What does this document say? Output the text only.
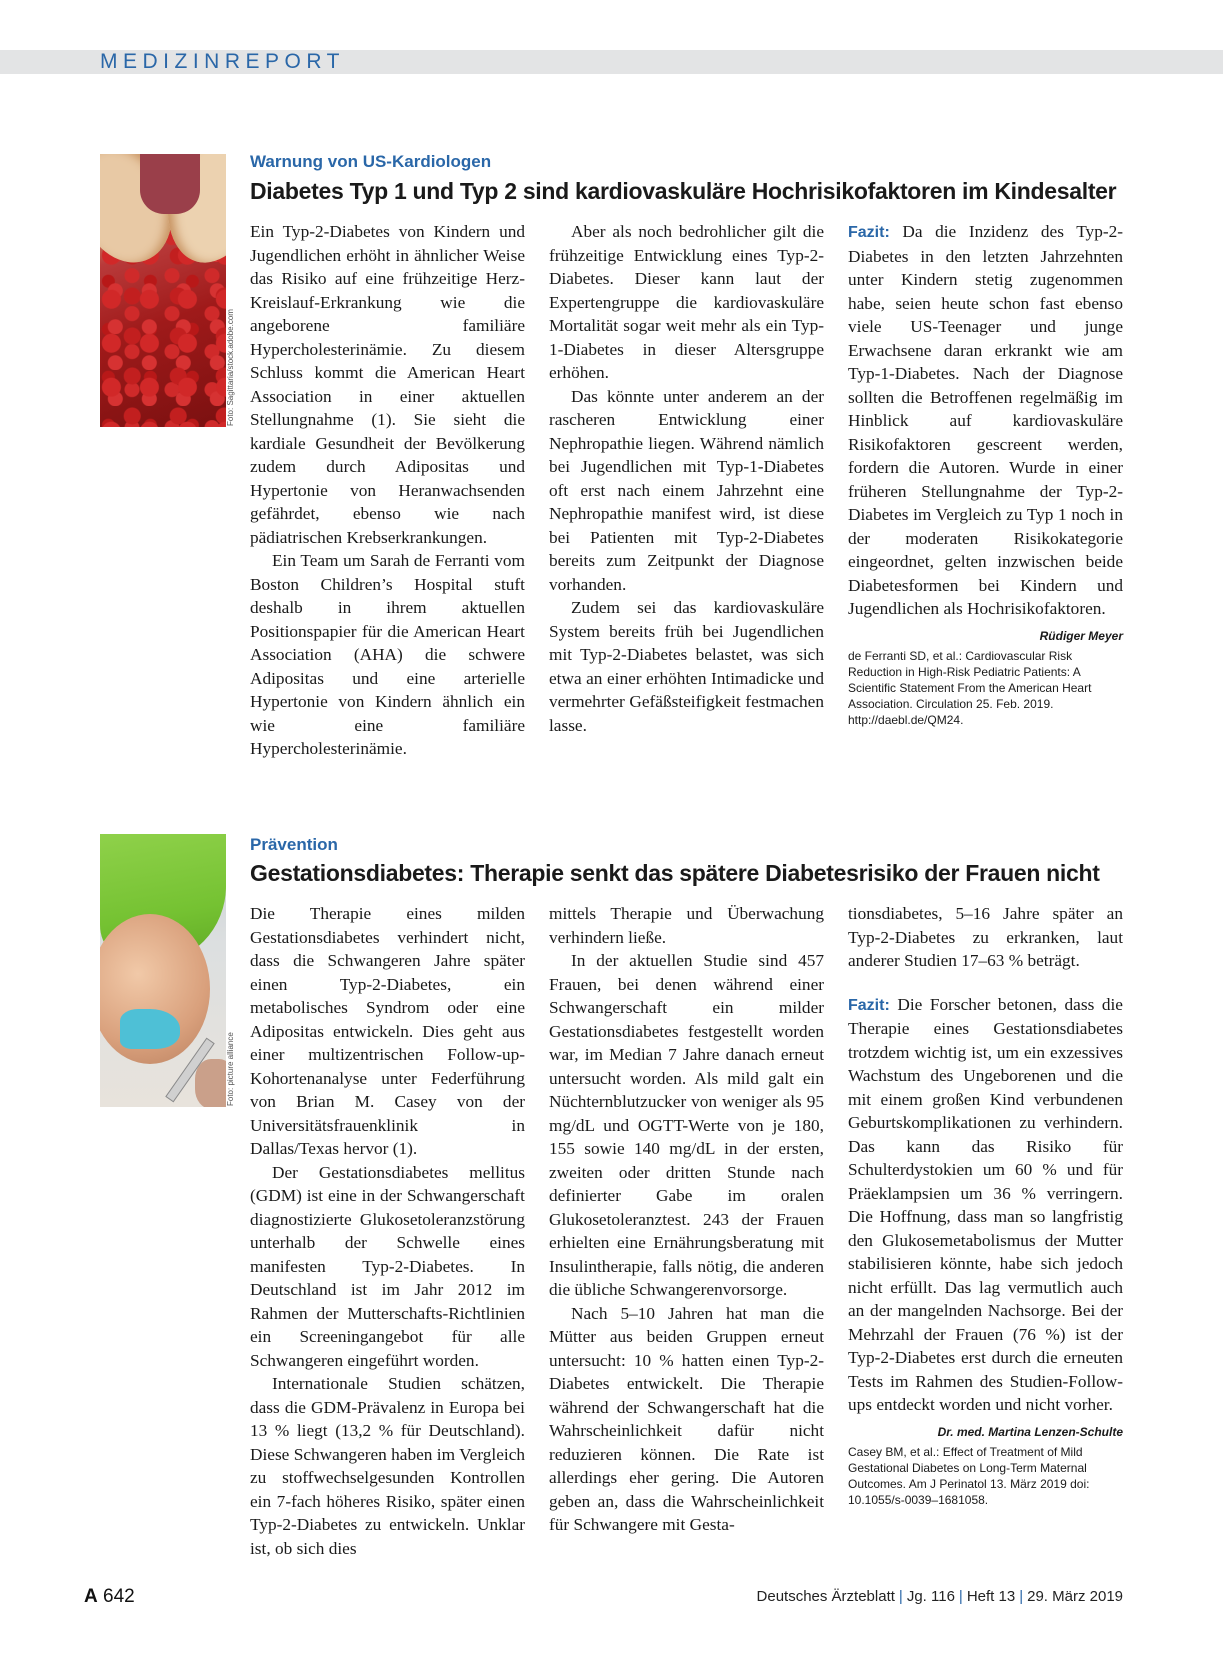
MEDIZINREPORT
Foto: Sagittaria/stock.adobe.com
Warnung von US-Kardiologen
Diabetes Typ 1 und Typ 2 sind kardiovaskuläre Hochrisikofaktoren im Kindesalter

Ein Typ-2-Diabetes von Kindern und Jugendlichen erhöht in ähnlicher Weise das Risiko auf eine frühzeitige Herz-Kreislauf-Erkrankung wie die angeborene familiäre Hypercholesterinämie. Zu diesem Schluss kommt die American Heart Association in einer aktuellen Stellungnahme (1). Sie sieht die kardiale Gesundheit der Bevölkerung zudem durch Adipositas und Hypertonie von Heranwachsenden gefährdet, ebenso wie nach pädiatrischen Krebserkrankungen.

Ein Team um Sarah de Ferranti vom Boston Children’s Hospital stuft deshalb in ihrem aktuellen Positionspapier für die American Heart Association (AHA) die schwere Adipositas und eine arterielle Hypertonie von Kindern ähnlich ein wie eine familiäre Hypercholesterinämie.

Aber als noch bedrohlicher gilt die frühzeitige Entwicklung eines Typ-2-Diabetes. Dieser kann laut der Expertengruppe die kardiovaskuläre Mortalität sogar weit mehr als ein Typ-1-Diabetes in dieser Altersgruppe erhöhen.

Das könnte unter anderem an der rascheren Entwicklung einer Nephropathie liegen. Während nämlich bei Jugendlichen mit Typ-1-Diabetes oft erst nach einem Jahrzehnt eine Nephropathie manifest wird, ist diese bei Patienten mit Typ-2-Diabetes bereits zum Zeitpunkt der Diagnose vorhanden.

Zudem sei das kardiovaskuläre System bereits früh bei Jugendlichen mit Typ-2-Diabetes belastet, was sich etwa an einer erhöhten Intimadicke und vermehrter Gefäßsteifigkeit festmachen lasse.

Fazit: Da die Inzidenz des Typ-2-Diabetes in den letzten Jahrzehnten unter Kindern stetig zugenommen habe, seien heute schon fast ebenso viele US-Teenager und junge Erwachsene daran erkrankt wie am Typ-1-Diabetes. Nach der Diagnose sollten die Betroffenen regelmäßig im Hinblick auf kardiovaskuläre Risikofaktoren gescreent werden, fordern die Autoren. Wurde in einer früheren Stellungnahme der Typ-2-Diabetes im Vergleich zu Typ 1 noch in der moderaten Risikokategorie eingeordnet, gelten inzwischen beide Diabetesformen bei Kindern und Jugendlichen als Hochrisikofaktoren.
Rüdiger Meyer

de Ferranti SD, et al.: Cardiovascular Risk Reduction in High-Risk Pediatric Patients: A Scientific Statement From the American Heart Association. Circulation 25. Feb. 2019. http://daebl.de/QM24.

Foto: picture alliance
Prävention
Gestationsdiabetes: Therapie senkt das spätere Diabetesrisiko der Frauen nicht

Die Therapie eines milden Gestationsdiabetes verhindert nicht, dass die Schwangeren Jahre später einen Typ-2-Diabetes, ein metabolisches Syndrom oder eine Adipositas entwickeln. Dies geht aus einer multizentrischen Follow-up-Kohortenanalyse unter Federführung von Brian M. Casey von der Universitätsfrauenklinik in Dallas/Texas hervor (1).

Der Gestationsdiabetes mellitus (GDM) ist eine in der Schwangerschaft diagnostizierte Glukosetoleranzstörung unterhalb der Schwelle eines manifesten Typ-2-Diabetes. In Deutschland ist im Jahr 2012 im Rahmen der Mutterschafts-Richtlinien ein Screeningangebot für alle Schwangeren eingeführt worden.

Internationale Studien schätzen, dass die GDM-Prävalenz in Europa bei 13 % liegt (13,2 % für Deutschland). Diese Schwangeren haben im Vergleich zu stoffwechselgesunden Kontrollen ein 7-fach höheres Risiko, später einen Typ-2-Diabetes zu entwickeln. Unklar ist, ob sich dies

mittels Therapie und Überwachung verhindern ließe.

In der aktuellen Studie sind 457 Frauen, bei denen während einer Schwangerschaft ein milder Gestationsdiabetes festgestellt worden war, im Median 7 Jahre danach erneut untersucht worden. Als mild galt ein Nüchternblutzucker von weniger als 95 mg/dL und OGTT-Werte von je 180, 155 sowie 140 mg/dL in der ersten, zweiten oder dritten Stunde nach definierter Gabe im oralen Glukosetoleranztest. 243 der Frauen erhielten eine Ernährungsberatung mit Insulintherapie, falls nötig, die anderen die übliche Schwangerenvorsorge.

Nach 5–10 Jahren hat man die Mütter aus beiden Gruppen erneut untersucht: 10 % hatten einen Typ-2-Diabetes entwickelt. Die Therapie während der Schwangerschaft hat die Wahrscheinlichkeit dafür nicht reduzieren können. Die Rate ist allerdings eher gering. Die Autoren geben an, dass die Wahrscheinlichkeit für Schwangere mit Gesta-

tionsdiabetes, 5–16 Jahre später an Typ-2-Diabetes zu erkranken, laut anderer Studien 17–63 % beträgt.

Fazit: Die Forscher betonen, dass die Therapie eines Gestationsdiabetes trotzdem wichtig ist, um ein exzessives Wachstum des Ungeborenen und die mit einem großen Kind verbundenen Geburtskomplikationen zu verhindern. Das kann das Risiko für Schulterdystokien um 60 % und für Präeklampsien um 36 % verringern. Die Hoffnung, dass man so langfristig den Glukosemetabolismus der Mutter stabilisieren könnte, habe sich jedoch nicht erfüllt. Das lag vermutlich auch an der mangelnden Nachsorge. Bei der Mehrzahl der Frauen (76 %) ist der Typ-2-Diabetes erst durch die erneuten Tests im Rahmen des Studien-Follow-ups entdeckt worden und nicht vorher.
Dr. med. Martina Lenzen-Schulte

Casey BM, et al.: Effect of Treatment of Mild Gestational Diabetes on Long-Term Maternal Outcomes. Am J Perinatol 13. März 2019 doi: 10.1055/s-0039–1681058.

A 642	Deutsches Ärzteblatt | Jg. 116 | Heft 13 | 29. März 2019
